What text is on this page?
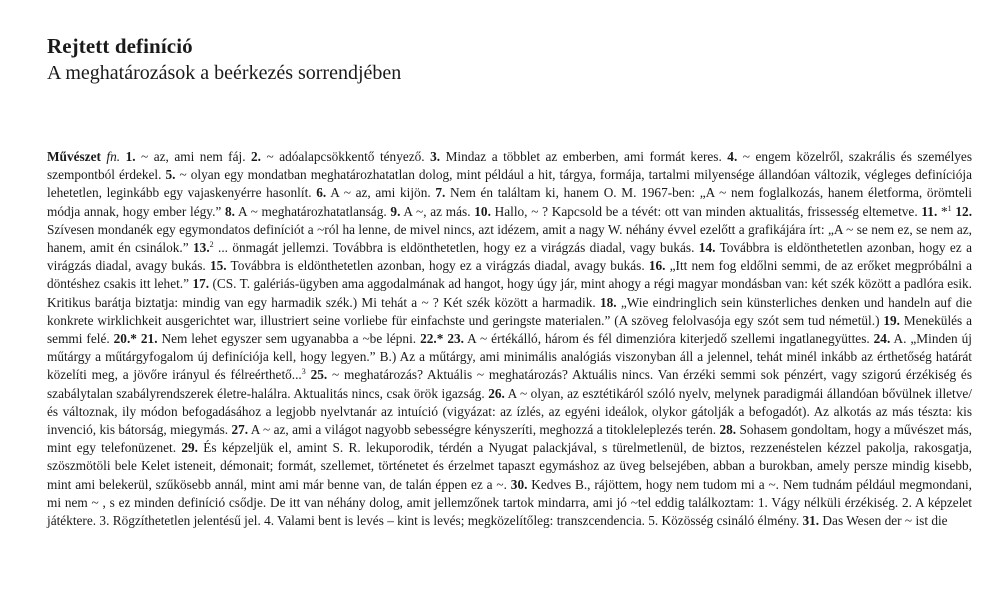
Rejtett definíció
A meghatározások a beérkezés sorrendjében

Művészet fn. 1. ~ az, ami nem fáj. 2. ~ adóalapcsökkentő tényező. 3. Mindaz a többlet az emberben, ami formát keres. 4. ~ engem közelről, szakrális és személyes szempontból érdekel. 5. ~ olyan egy mondatban meghatározhatatlan dolog, mint például a hit, tárgya, formája, tartalmi milyensége állandóan változik, végleges definíciója lehetetlen, leginkább egy vajaskenyérre hasonlít. 6. A ~ az, ami kijön. 7. Nem én találtam ki, hanem O. M. 1967-ben: „A ~ nem foglalkozás, hanem életforma, örömteli módja annak, hogy ember légy.” 8. A ~ meghatározhatatlanság. 9. A ~, az más. 10. Hallo, ~ ? Kapcsold be a tévét: ott van minden aktualitás, frissesség eltemetve. 11. *$^1$ 12. Szívesen mondanék egy egymondatos definíciót a ~ról ha lenne, de mivel nincs, azt idézem, amit a nagy W. néhány évvel ezelőtt a grafikájára írt: „A ~ se nem ez, se nem az, hanem, amit én csinálok.” 13.$^2$ ... önmagát jellemzi. Továbbra is eldönthetetlen, hogy ez a virágzás diadal, vagy bukás. 14. Továbbra is eldönthetetlen azonban, hogy ez a virágzás diadal, avagy bukás. 15. Továbbra is eldönthetetlen azonban, hogy ez a virágzás diadal, avagy bukás. 16. „Itt nem fog eldőlni semmi, de az erőket megpróbálni a döntéshez csakis itt lehet.” 17. (CS. T. galériás-ügyben ama aggodalmának ad hangot, hogy úgy jár, mint ahogy a régi magyar mondásban van: két szék között a padlóra esik. Kritikus barátja biztatja: mindig van egy harmadik szék.) Mi tehát a ~ ? Két szék között a harmadik. 18. „Wie eindringlich sein künsterliches denken und handeln auf die konkrete wirklichkeit ausgerichtet war, illustriert seine vorliebe für einfachste und geringste materialen.” (A szöveg felolvasója egy szót sem tud németül.) 19. Menekülés a semmi felé. 20.* 21. Nem lehet egyszer sem ugyanabba a ~be lépni. 22.* 23. A ~ értékálló, három és fél dimenzióra kiterjedő szellemi ingatlanegyüttes. 24. A. „Minden új műtárgy a műtárgyfogalom új definíciója kell, hogy legyen.” B.) Az a műtárgy, ami minimális analógiás viszonyban áll a jelennel, tehát minél inkább az érthetőség határát közelíti meg, a jövőre irányul és félreérthető...$^3$ 25. ~ meghatározás? Aktuális ~ meghatározás? Aktuális nincs. Van érzéki semmi sok pénzért, vagy szigorú érzékiség és szabálytalan szabályrendszerek életre-halálra. Aktualitás nincs, csak örök igazság. 26. A ~ olyan, az esztétikáról szóló nyelv, melynek paradigmái állandóan bővülnek illetve/és változnak, ily módon befogadásához a legjobb nyelvtanár az intuíció (vigyázat: az ízlés, az egyéni ideálok, olykor gátolják a befogadót). Az alkotás az más tészta: kis invenció, kis bátorság, miegymás. 27. A ~ az, ami a világot nagyobb sebességre kényszeríti, meghozzá a titokleleplezés terén. 28. Sohasem gondoltam, hogy a művészet más, mint egy telefonüzenet. 29. És képzeljük el, amint S. R. lekuporodik, térdén a Nyugat palackjával, s türelmetlenül, de biztos, rezzenéstelen kézzel pakolja, rakosgatja, szöszmötöli bele Kelet isteneit, démonait; formát, szellemet, történetet és érzelmet tapaszt egymáshoz az üveg belsejében, abban a burokban, amely persze mindig kisebb, mint ami belekerül, szűkösebb annál, mint ami már benne van, de talán éppen ez a ~. 30. Kedves B., rájöttem, hogy nem tudom mi a ~. Nem tudnám például megmondani, mi nem ~ , s ez minden definíció csődje. De itt van néhány dolog, amit jellemzőnek tartok mindarra, ami jó ~tel eddig találkoztam: 1. Vágy nélküli érzékiség. 2. A képzelet játéktere. 3. Rögzíthetetlen jelentésű jel. 4. Valami bent is levés – kint is levés; megközelítőleg: transzcendencia. 5. Közösség csináló élmény. 31. Das Wesen der ~ ist die
